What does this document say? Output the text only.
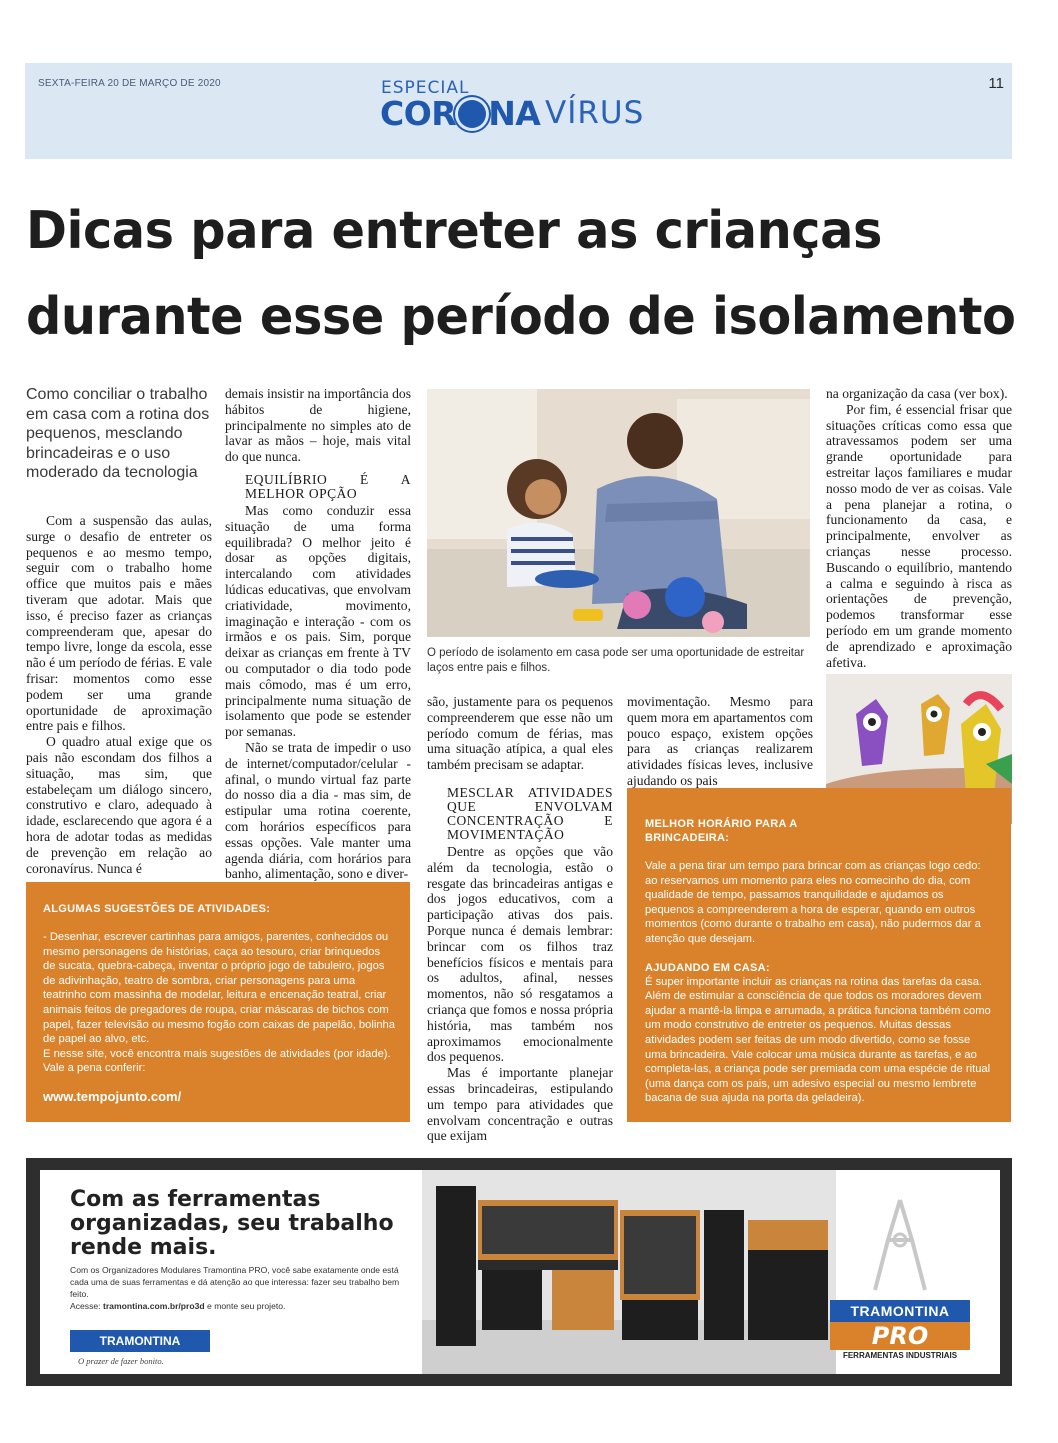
SEXTA-FEIRA 20 DE MARÇO DE 2020	11
ESPECIAL
COR NA VÍRUS
Dicas para entreter as crianças
durante esse período de isolamento
Como conciliar o trabalho em casa com a rotina dos pequenos, mesclando brincadeiras e o uso moderado da tecnologia

Com a suspensão das aulas, surge o desafio de entreter os pequenos e ao mesmo tempo, seguir com o trabalho home office que muitos pais e mães tiveram que adotar. Mais que isso, é preciso fazer as crianças compreenderam que, apesar do tempo livre, longe da escola, esse não é um período de férias. E vale frisar: momentos como esse podem ser uma grande oportunidade de aproximação entre pais e filhos.

O quadro atual exige que os pais não escondam dos filhos a situação, mas sim, que estabeleçam um diálogo sincero, construtivo e claro, adequado à idade, esclarecendo que agora é a hora de adotar todas as medidas de prevenção em relação ao coronavírus. Nunca é

demais insistir na importância dos hábitos de higiene, principalmente no simples ato de lavar as mãos – hoje, mais vital do que nunca.

EQUILÍBRIO É A MELHOR OPÇÃO

Mas como conduzir essa situação de uma forma equilibrada? O melhor jeito é dosar as opções digitais, intercalando com atividades lúdicas educativas, que envolvam criatividade, movimento, imaginação e interação - com os irmãos e os pais. Sim, porque deixar as crianças em frente à TV ou computador o dia todo pode mais cômodo, mas é um erro, principalmente numa situação de isolamento que pode se estender por semanas.

Não se trata de impedir o uso de internet/computador/celular - afinal, o mundo virtual faz parte do nosso dia a dia - mas sim, de estipular uma rotina coerente, com horários específicos para essas opções. Vale manter uma agenda diária, com horários para banho, alimentação, sono e diver-

O período de isolamento em casa pode ser uma oportunidade de estreitar laços entre pais e filhos.

são, justamente para os pequenos compreenderem que esse não um período comum de férias, mas uma situação atípica, a qual eles também precisam se adaptar.

MESCLAR ATIVIDADES QUE ENVOLVAM CONCENTRAÇÃO E MOVIMENTAÇÃO

Dentre as opções que vão além da tecnologia, estão o resgate das brincadeiras antigas e dos jogos educativos, com a participação ativas dos pais. Porque nunca é demais lembrar: brincar com os filhos traz benefícios físicos e mentais para os adultos, afinal, nesses momentos, não só resgatamos a criança que fomos e nossa própria história, mas também nos aproximamos emocionalmente dos pequenos.

Mas é importante planejar essas brincadeiras, estipulando um tempo para atividades que envolvam concentração e outras que exijam

movimentação. Mesmo para quem mora em apartamentos com pouco espaço, existem opções para as crianças realizarem atividades físicas leves, inclusive ajudando os pais

na organização da casa (ver box).

Por fim, é essencial frisar que situações críticas como essa que atravessamos podem ser uma grande oportunidade para estreitar laços familiares e mudar nosso modo de ver as coisas. Vale a pena planejar a rotina, o funcionamento da casa, e principalmente, envolver as crianças nesse processo. Buscando o equilíbrio, mantendo a calma e seguindo à risca as orientações de prevenção, podemos transformar esse período em um grande momento de aprendizado e aproximação afetiva.

ALGUMAS SUGESTÕES DE ATIVIDADES:

- Desenhar, escrever cartinhas para amigos, parentes, conhecidos ou mesmo personagens de histórias, caça ao tesouro, criar brinquedos de sucata, quebra-cabeça, inventar o próprio jogo de tabuleiro, jogos de adivinhação, teatro de sombra, criar personagens para uma teatrinho com massinha de modelar, leitura e encenação teatral, criar animais feitos de pregadores de roupa, criar máscaras de bichos com papel, fazer televisão ou mesmo fogão com caixas de papelão, bolinha de papel ao alvo, etc.

E nesse site, você encontra mais sugestões de atividades (por idade). Vale a pena conferir:

www.tempojunto.com/

MELHOR HORÁRIO PARA A BRINCADEIRA:

Vale a pena tirar um tempo para brincar com as crianças logo cedo: ao reservamos um momento para eles no comecinho do dia, com qualidade de tempo, passamos tranquilidade e ajudamos os pequenos a compreenderem a hora de esperar, quando em outros momentos (como durante o trabalho em casa), não pudermos dar a atenção que desejam.

AJUDANDO EM CASA:

É super importante incluir as crianças na rotina das tarefas da casa. Além de estimular a consciência de que todos os moradores devem ajudar a mantê-la limpa e arrumada, a prática funciona também como um modo construtivo de entreter os pequenos. Muitas dessas atividades podem ser feitas de um modo divertido, como se fosse uma brincadeira. Vale colocar uma música durante as tarefas, e ao completa-las, a criança pode ser premiada com uma espécie de ritual (uma dança com os pais, um adesivo especial ou mesmo lembrete bacana de sua ajuda na porta da geladeira).

Com as ferramentas organizadas, seu trabalho rende mais.
Com os Organizadores Modulares Tramontina PRO, você sabe exatamente onde está cada uma de suas ferramentas e dá atenção ao que interessa: fazer seu trabalho bem feito.
Acesse: tramontina.com.br/pro3d e monte seu projeto.
TRAMONTINA
O prazer de fazer bonito.
TRAMONTINA
PRO
FERRAMENTAS INDUSTRIAIS
